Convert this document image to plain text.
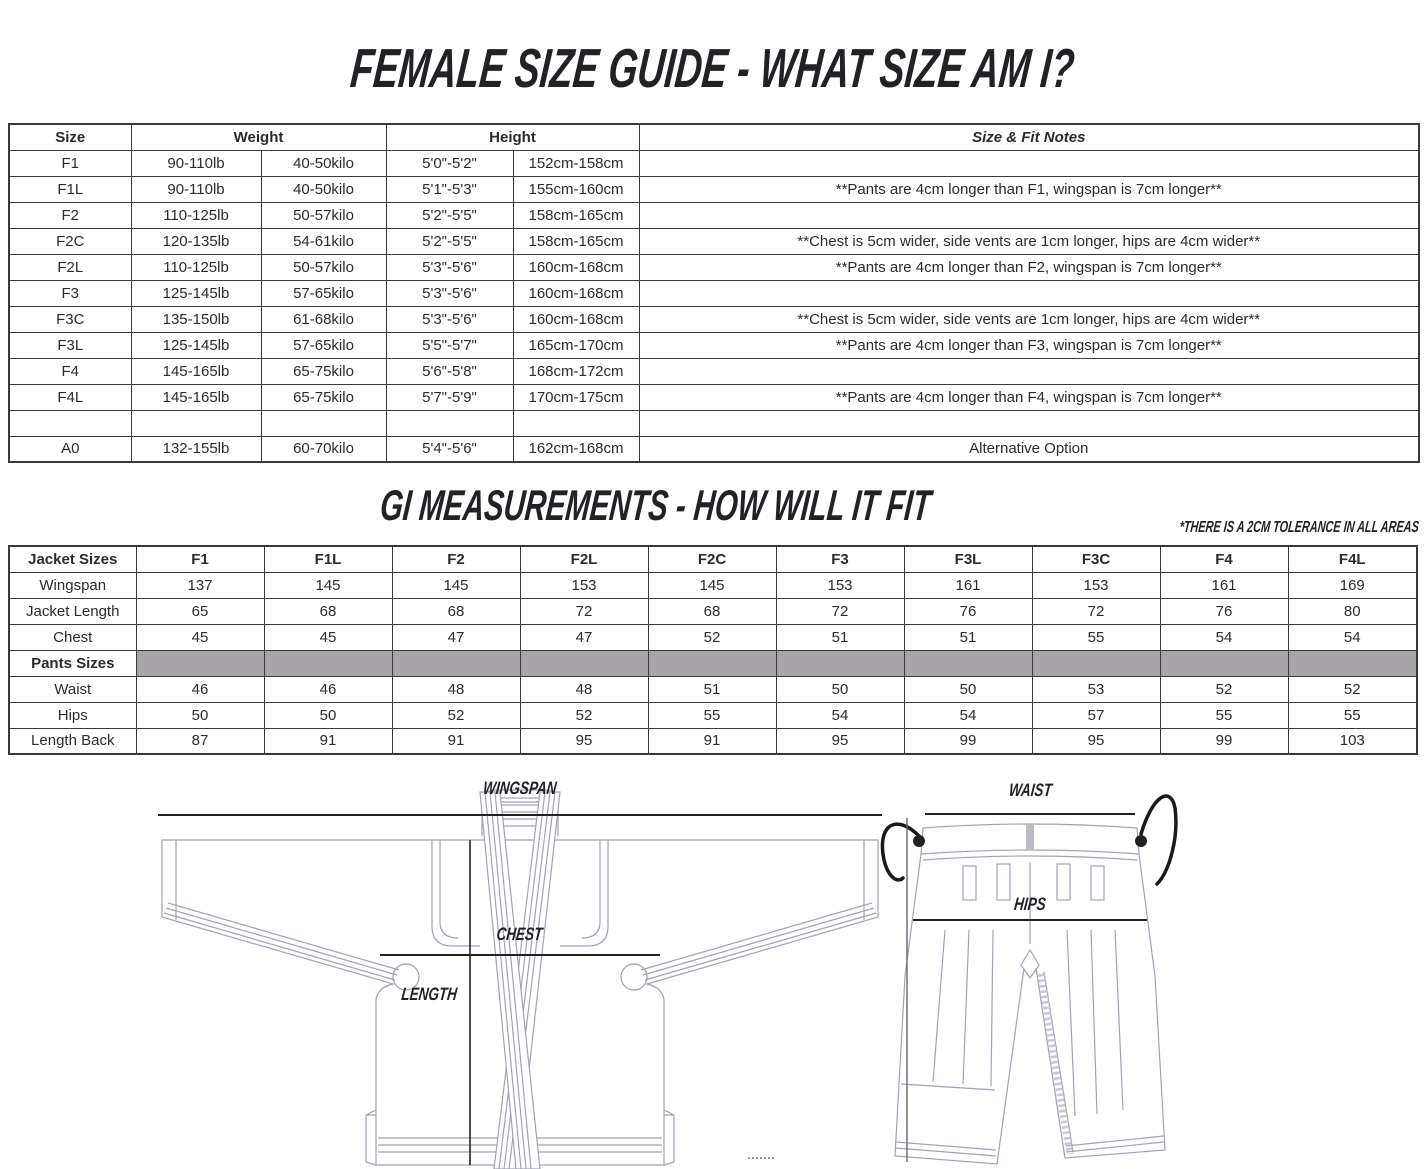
FEMALE SIZE GUIDE - WHAT SIZE AM I?
Size	Weight		Height		Size & Fit Notes
F1	90-110lb	40-50kilo	5'0"-5'2"	152cm-158cm	
F1L	90-110lb	40-50kilo	5'1"-5'3"	155cm-160cm	**Pants are 4cm longer than F1, wingspan is 7cm longer**
F2	110-125lb	50-57kilo	5'2"-5'5"	158cm-165cm	
F2C	120-135lb	54-61kilo	5'2"-5'5"	158cm-165cm	**Chest is 5cm wider, side vents are 1cm longer, hips are 4cm wider**
F2L	110-125lb	50-57kilo	5'3"-5'6"	160cm-168cm	**Pants are 4cm longer than F2, wingspan is 7cm longer**
F3	125-145lb	57-65kilo	5'3"-5'6"	160cm-168cm	
F3C	135-150lb	61-68kilo	5'3"-5'6"	160cm-168cm	**Chest is 5cm wider, side vents are 1cm longer, hips are 4cm wider**
F3L	125-145lb	57-65kilo	5'5"-5'7"	165cm-170cm	**Pants are 4cm longer than F3, wingspan is 7cm longer**
F4	145-165lb	65-75kilo	5'6"-5'8"	168cm-172cm	
F4L	145-165lb	65-75kilo	5'7"-5'9"	170cm-175cm	**Pants are 4cm longer than F4, wingspan is 7cm longer**

A0	132-155lb	60-70kilo	5'4"-5'6"	162cm-168cm	Alternative Option
GI MEASUREMENTS - HOW WILL IT FIT	*THERE IS A 2CM TOLERANCE IN ALL AREAS
Jacket Sizes	F1	F1L	F2	F2L	F2C	F3	F3L	F3C	F4	F4L
Wingspan	137	145	145	153	145	153	161	153	161	169
Jacket Length	65	68	68	72	68	72	76	72	76	80
Chest	45	45	47	47	52	51	51	55	54	54
Pants Sizes										
Waist	46	46	48	48	51	50	50	53	52	52
Hips	50	50	52	52	55	54	54	57	55	55
Length Back	87	91	91	95	91	95	99	95	99	103
WINGSPAN
CHEST
LENGTH
WAIST
HIPS
